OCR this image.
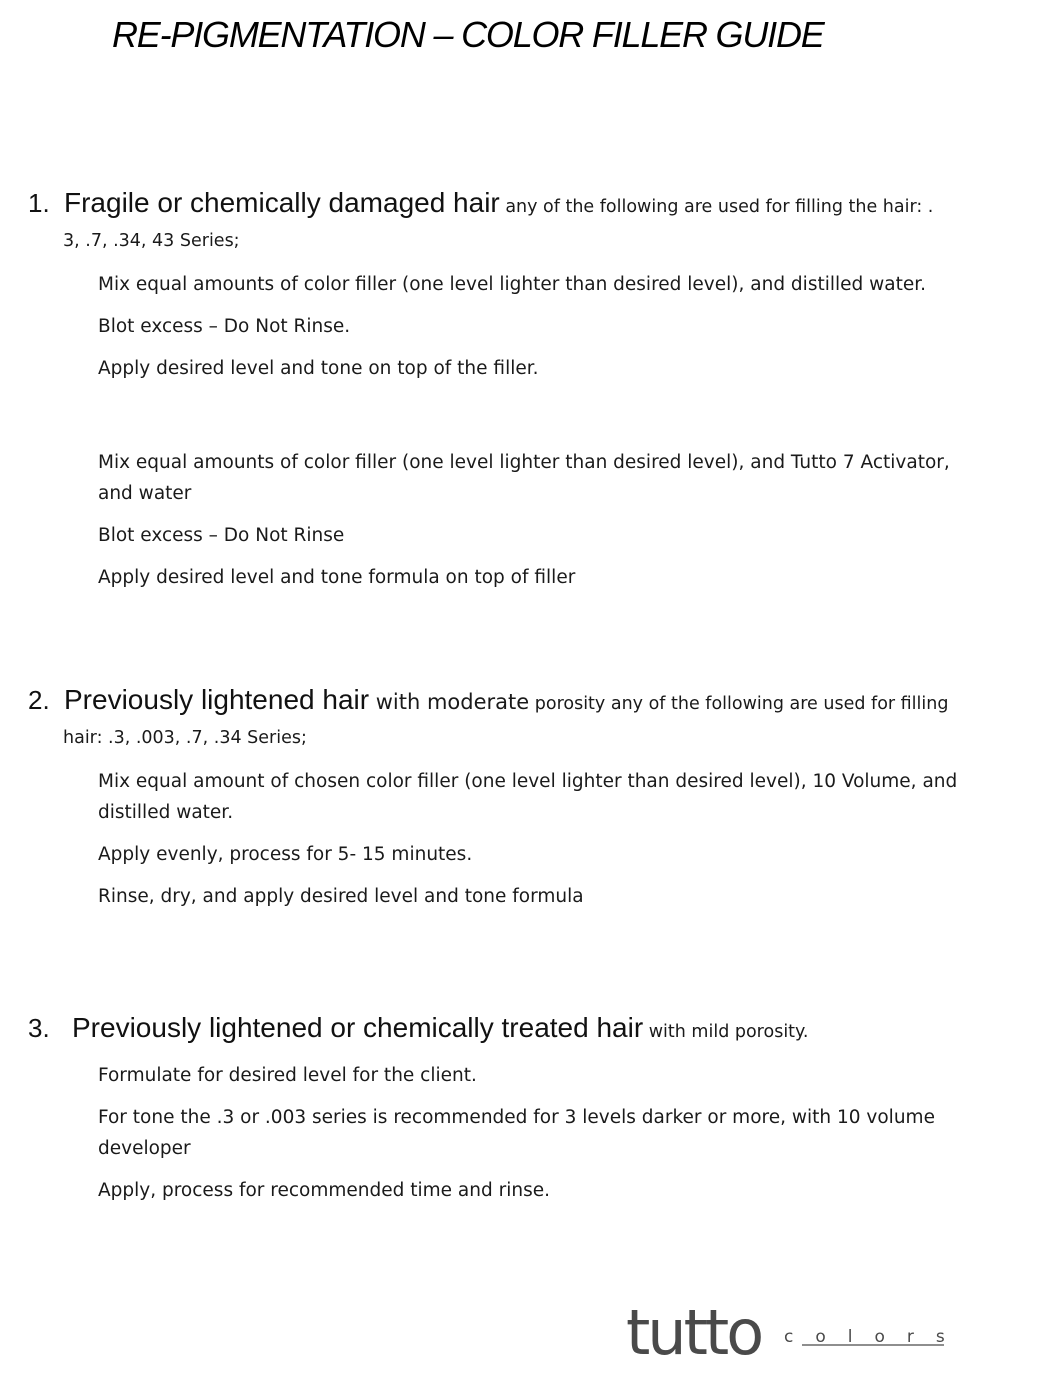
RE-PIGMENTATION – COLOR FILLER GUIDE

1. Fragile or chemically damaged hair any of the following are used for filling the hair: .

3, .7, .34, 43 Series;

Mix equal amounts of color filler (one level lighter than desired level), and distilled water.
Blot excess – Do Not Rinse.
Apply desired level and tone on top of the filler.
Mix equal amounts of color filler (one level lighter than desired level), and Tutto 7 Activator, and water
Blot excess – Do Not Rinse
Apply desired level and tone formula on top of filler

2. Previously lightened hair with moderate porosity any of the following are used for filling

hair: .3, .003, .7, .34 Series;

Mix equal amount of chosen color filler (one level lighter than desired level), 10 Volume, and distilled water.
Apply evenly, process for 5- 15 minutes.
Rinse, dry, and apply desired level and tone formula

3. Previously lightened or chemically treated hair with mild porosity.

Formulate for desired level for the client.
For tone the .3 or .003 series is recommended for 3 levels darker or more, with 10 volume developer
Apply, process for recommended time and rinse.
tutto colors
